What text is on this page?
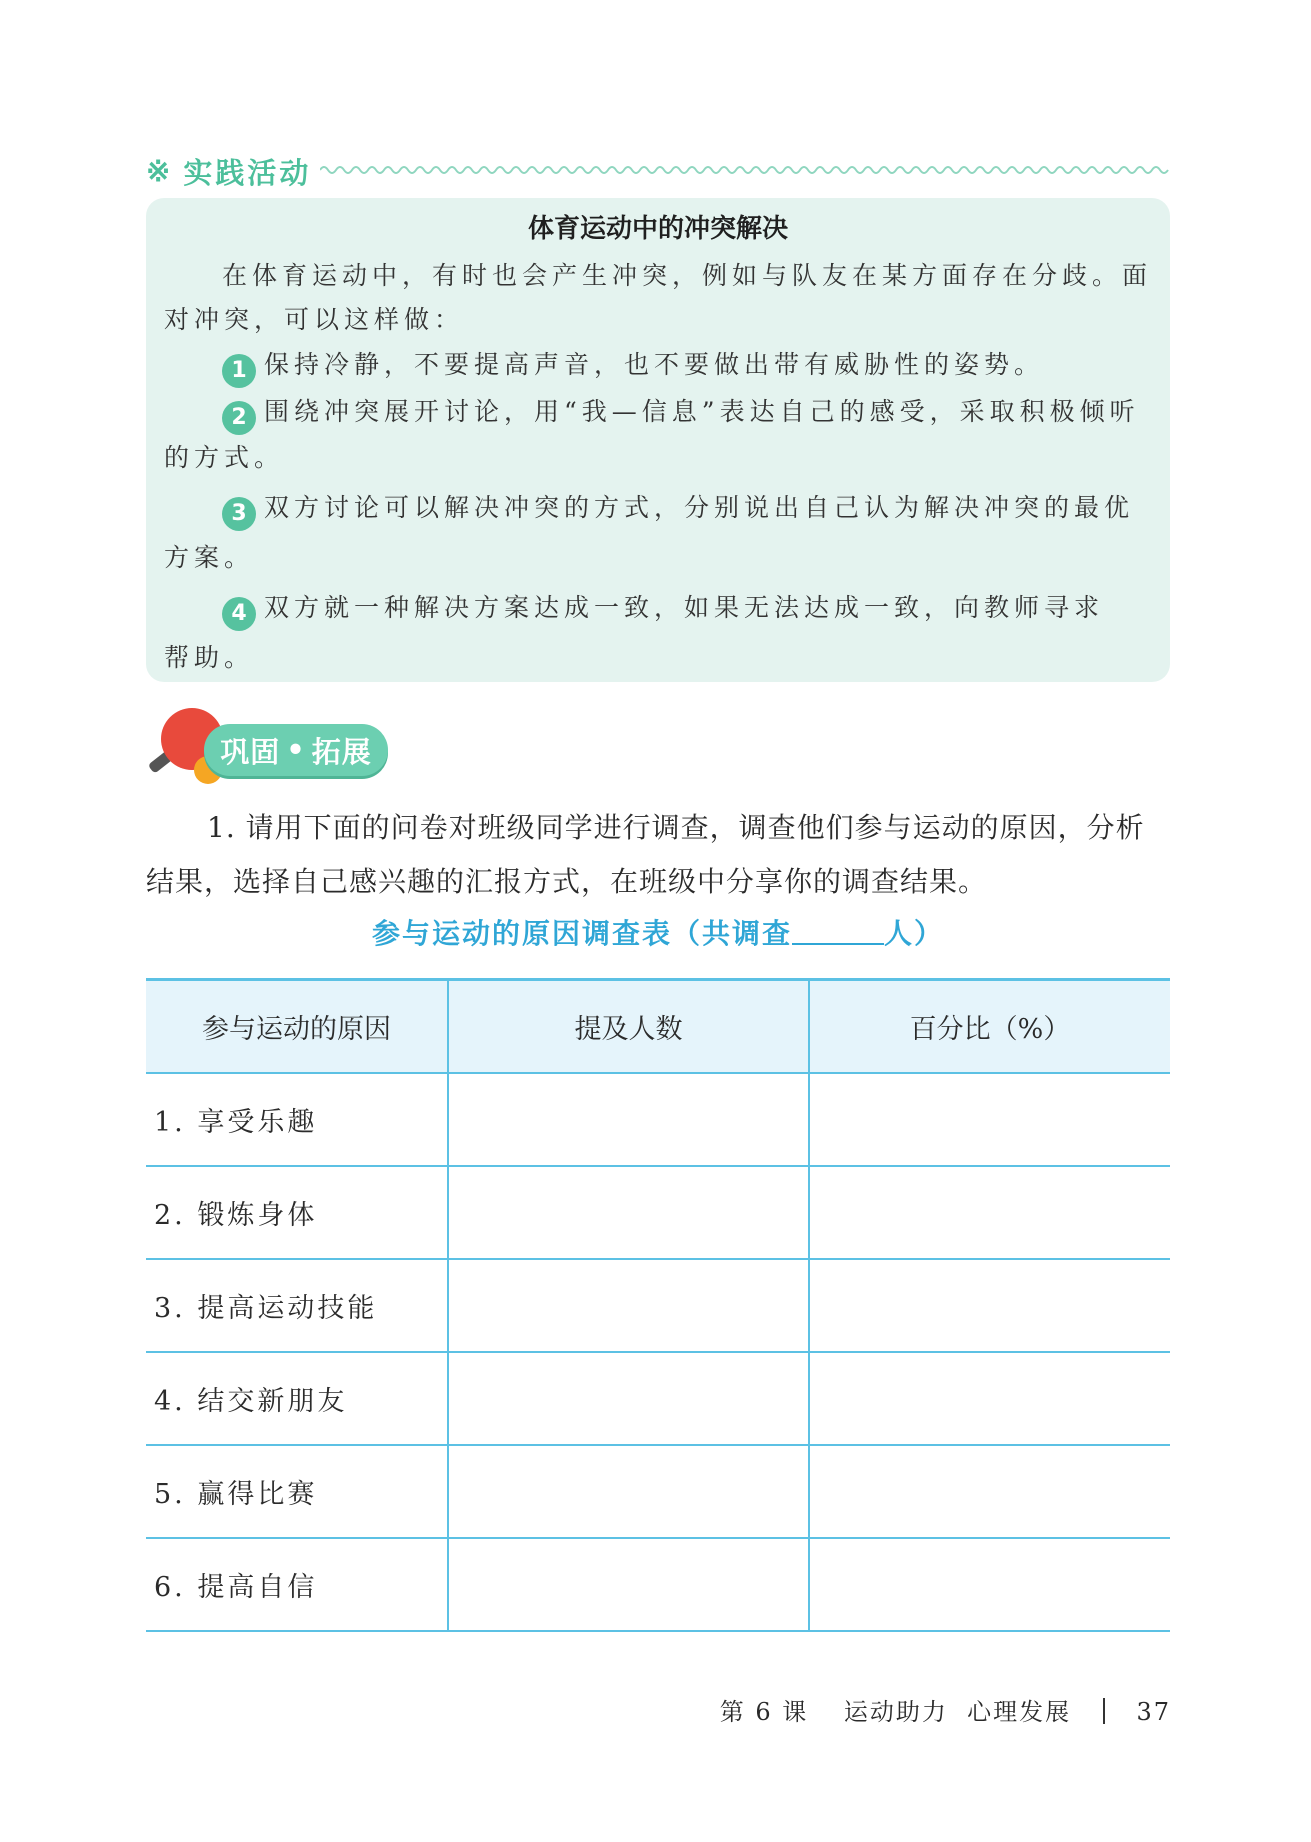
※ 实践活动
体育运动中的冲突解决
在体育运动中，有时也会产生冲突，例如与队友在某方面存在分歧。面
对冲突，可以这样做：
1 保持冷静，不要提高声音，也不要做出带有威胁性的姿势。
2 围绕冲突展开讨论，用“我—信息”表达自己的感受，采取积极倾听
的方式。
3 双方讨论可以解决冲突的方式，分别说出自己认为解决冲突的最优
方案。
4 双方就一种解决方案达成一致，如果无法达成一致，向教师寻求
帮助。
巩固 • 拓展
1. 请用下面的问卷对班级同学进行调查，调查他们参与运动的原因，分析
结果，选择自己感兴趣的汇报方式，在班级中分享你的调查结果。
参与运动的原因调查表（共调查	人）
参与运动的原因	提及人数	百分比（%）
1. 享受乐趣		
2. 锻炼身体		
3. 提高运动技能		
4. 结交新朋友		
5. 赢得比赛		
6. 提高自信		
第 6 课 运动助力  心理发展	37
